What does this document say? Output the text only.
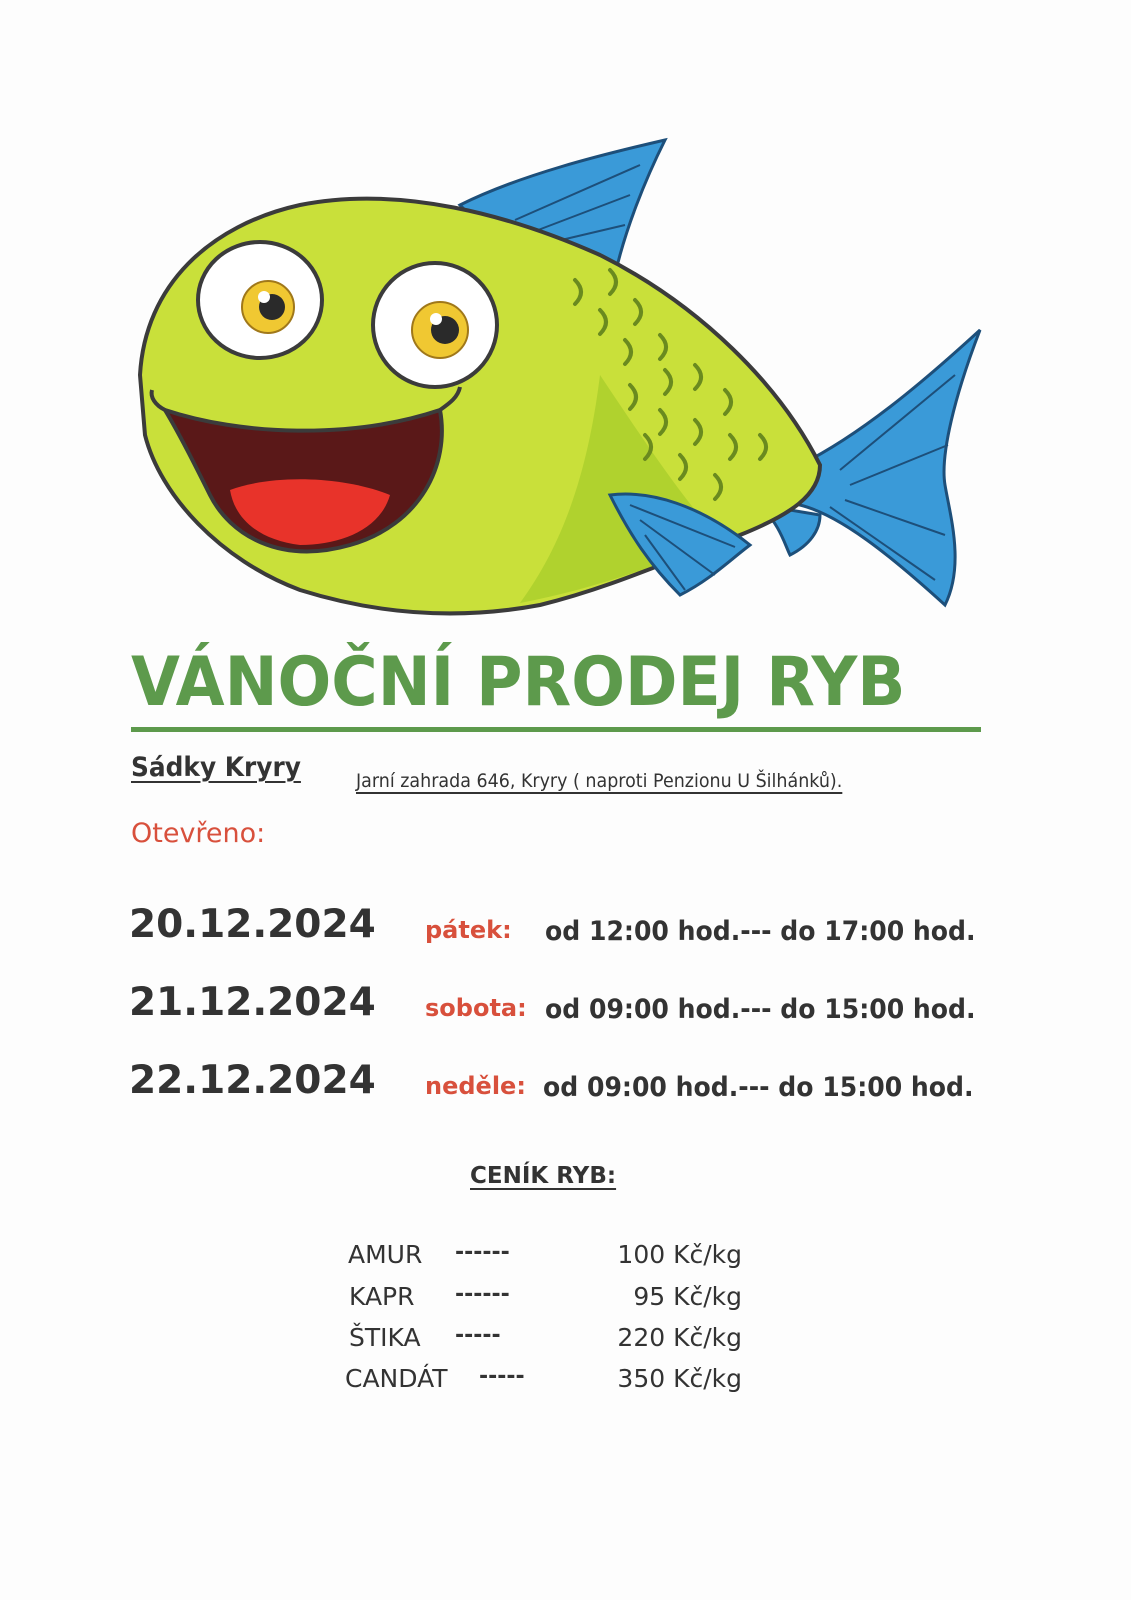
VÁNOČNÍ PRODEJ RYB
Sádky Kryry	Jarní zahrada 646, Kryry ( naproti Penzionu U Šilhánků).
Otevřeno:
20.12.2024 pátek: od 12:00 hod.--- do 17:00 hod.
21.12.2024 sobota: od 09:00 hod.--- do 15:00 hod.
22.12.2024 neděle: od 09:00 hod.--- do 15:00 hod.
CENÍK RYB:
AMUR ------	100 Kč/kg
KAPR ------	95 Kč/kg
ŠTIKA -----	220 Kč/kg
CANDÁT -----	350 Kč/kg
